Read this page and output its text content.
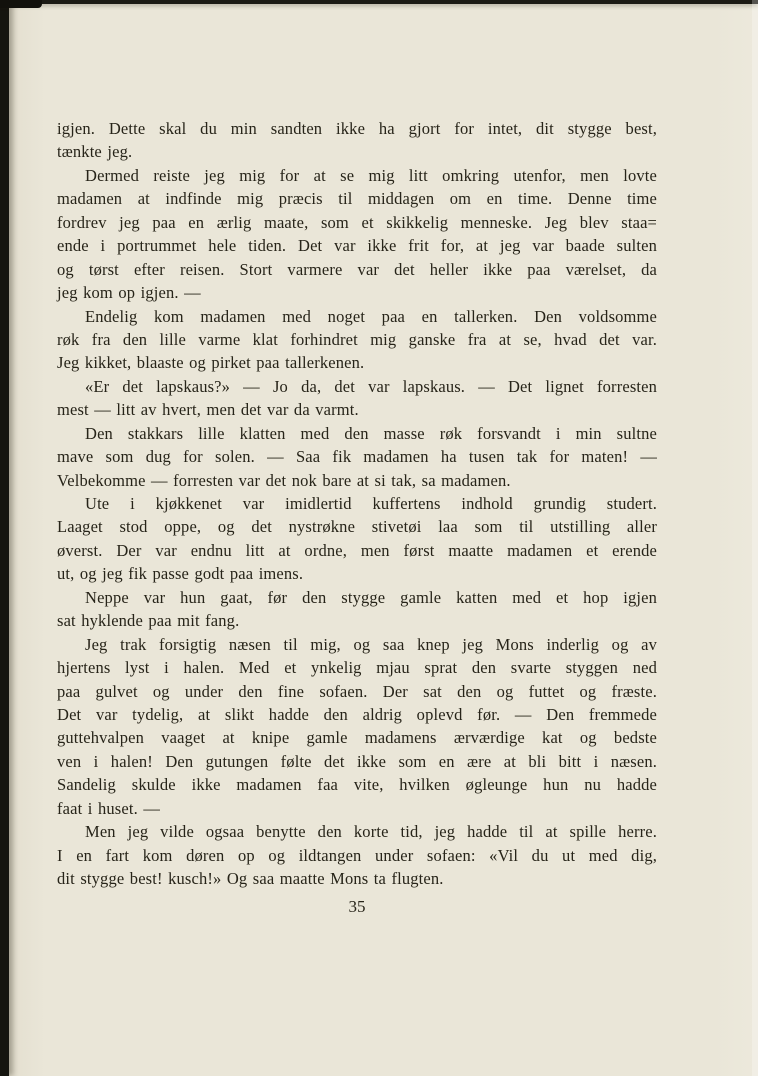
igjen. Dette skal du min sandten ikke ha gjort for intet, dit stygge best,
tænkte jeg.
Dermed reiste jeg mig for at se mig litt omkring utenfor, men lovte
madamen at indfinde mig præcis til middagen om en time. Denne time
fordrev jeg paa en ærlig maate, som et skikkelig menneske. Jeg blev staa=
ende i portrummet hele tiden. Det var ikke frit for, at jeg var baade sulten
og tørst efter reisen. Stort varmere var det heller ikke paa værelset, da
jeg kom op igjen. —
Endelig kom madamen med noget paa en tallerken. Den voldsomme
røk fra den lille varme klat forhindret mig ganske fra at se, hvad det var.
Jeg kikket, blaaste og pirket paa tallerkenen.
«Er det lapskaus?» — Jo da, det var lapskaus. — Det lignet forresten
mest — litt av hvert, men det var da varmt.
Den stakkars lille klatten med den masse røk forsvandt i min sultne
mave som dug for solen. — Saa fik madamen ha tusen tak for maten! —
Velbekomme — forresten var det nok bare at si tak, sa madamen.
Ute i kjøkkenet var imidlertid kuffertens indhold grundig studert.
Laaget stod oppe, og det nystrøkne stivetøi laa som til utstilling aller
øverst. Der var endnu litt at ordne, men først maatte madamen et erende
ut, og jeg fik passe godt paa imens.
Neppe var hun gaat, før den stygge gamle katten med et hop igjen
sat hyklende paa mit fang.
Jeg trak forsigtig næsen til mig, og saa knep jeg Mons inderlig og av
hjertens lyst i halen. Med et ynkelig mjau sprat den svarte styggen ned
paa gulvet og under den fine sofaen. Der sat den og futtet og fræste.
Det var tydelig, at slikt hadde den aldrig oplevd før. — Den fremmede
guttehvalpen vaaget at knipe gamle madamens ærværdige kat og bedste
ven i halen! Den gutungen følte det ikke som en ære at bli bitt i næsen.
Sandelig skulde ikke madamen faa vite, hvilken øgleunge hun nu hadde
faat i huset. —
Men jeg vilde ogsaa benytte den korte tid, jeg hadde til at spille herre.
I en fart kom døren op og ildtangen under sofaen: «Vil du ut med dig,
dit stygge best! kusch!» Og saa maatte Mons ta flugten.
35
